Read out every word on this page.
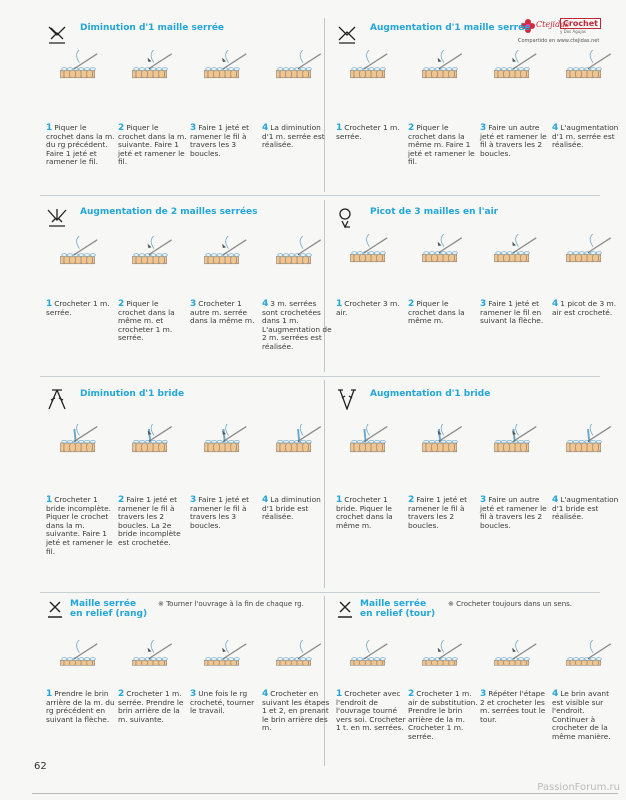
Ctejidas
Crochet
y Dos Agujas
Compartido en www.ctejidas.net
Diminution d'1 maille serrée
1 Piquer le crochet dans la m. du rg précédent. Faire 1 jeté et ramener le fil.
2 Piquer le crochet dans la m. suivante. Faire 1 jeté et ramener le fil.
3 Faire 1 jeté et ramener le fil à travers les 3 boucles.
4 La diminution d'1 m. serrée est réalisée.
Augmentation d'1 maille serrée
1 Crocheter 1 m. serrée.
2 Piquer le crochet dans la même m. Faire 1 jeté et ramener le fil.
3 Faire un autre jeté et ramener le fil à travers les 2 boucles.
4 L'augmentation d'1 m. serrée est réalisée.
Augmentation de 2 mailles serrées
1 Crocheter 1 m. serrée.
2 Piquer le crochet dans la même m. et crocheter 1 m. serrée.
3 Crocheter 1 autre m. serrée dans la même m.
4 3 m. serrées sont crochetées dans 1 m. L'augmentation de 2 m. serrées est réalisée.
Picot de 3 mailles en l'air
1 Crocheter 3 m. air.
2 Piquer le crochet dans la même m.
3 Faire 1 jeté et ramener le fil en suivant la flèche.
4 1 picot de 3 m. air est crocheté.
Diminution d'1 bride
1 Crocheter 1 bride incomplète. Piquer le crochet dans la m. suivante. Faire 1 jeté et ramener le fil.
2 Faire 1 jeté et ramener le fil à travers les 2 boucles. La 2e bride incomplète est crochetée.
3 Faire 1 jeté et ramener le fil à travers les 3 boucles.
4 La diminution d'1 bride est réalisée.
Augmentation d'1 bride
1 Crocheter 1 bride. Piquer le crochet dans la même m.
2 Faire 1 jeté et ramener le fil à travers les 2 boucles.
3 Faire un autre jeté et ramener le fil à travers les 2 boucles.
4 L'augmentation d'1 bride est réalisée.
Maille serrée en relief (rang)
※ Tourner l'ouvrage à la fin de chaque rg.
1 Prendre le brin arrière de la m. du rg précédent en suivant la flèche.
2 Crocheter 1 m. serrée. Prendre le brin arrière de la m. suivante.
3 Une fois le rg crocheté, tourner le travail.
4 Crocheter en suivant les étapes 1 et 2, en prenant le brin arrière des m.
Maille serrée en relief (tour)
※ Crocheter toujours dans un sens.
1 Crocheter avec l'endroit de l'ouvrage tourné vers soi. Crocheter 1 t. en m. serrées.
2 Crocheter 1 m. air de substitution. Prendre le brin arrière de la m. Crocheter 1 m. serrée.
3 Répéter l'étape 2 et crocheter les m. serrées tout le tour.
4 Le brin avant est visible sur l'endroit. Continuer à crocheter de la même manière.
62
PassionForum.ru
